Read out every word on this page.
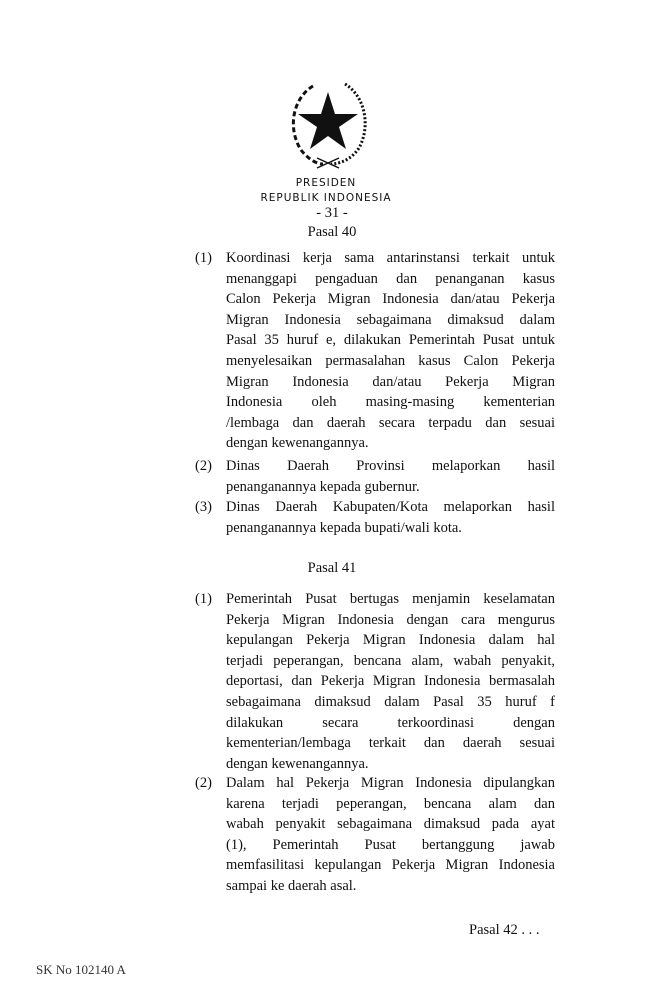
PRESIDEN
REPUBLIK INDONESIA
- 31 -
Pasal 40
Pasal 41
(1) Koordinasi kerja sama antarinstansi terkait untuk
menanggapi pengaduan dan penanganan kasus
Calon Pekerja Migran Indonesia dan/atau Pekerja
Migran Indonesia sebagaimana dimaksud dalam
Pasal 35 huruf e, dilakukan Pemerintah Pusat untuk
menyelesaikan permasalahan kasus Calon Pekerja
Migran Indonesia dan/atau Pekerja Migran
Indonesia oleh masing-masing kementerian
/lembaga dan daerah secara terpadu dan sesuai
dengan kewenangannya.
(2) Dinas Daerah Provinsi melaporkan hasil
penanganannya kepada gubernur.
(3) Dinas Daerah Kabupaten/Kota melaporkan hasil
penanganannya kepada bupati/wali kota.
(1) Pemerintah Pusat bertugas menjamin keselamatan
Pekerja Migran Indonesia dengan cara mengurus
kepulangan Pekerja Migran Indonesia dalam hal
terjadi peperangan, bencana alam, wabah penyakit,
deportasi, dan Pekerja Migran Indonesia bermasalah
sebagaimana dimaksud dalam Pasal 35 huruf f
dilakukan secara terkoordinasi dengan
kementerian/lembaga terkait dan daerah sesuai
dengan kewenangannya.
(2) Dalam hal Pekerja Migran Indonesia dipulangkan
karena terjadi peperangan, bencana alam dan
wabah penyakit sebagaimana dimaksud pada ayat
(1), Pemerintah Pusat bertanggung jawab
memfasilitasi kepulangan Pekerja Migran Indonesia
sampai ke daerah asal.
Pasal 42 . . .
SK No 102140 A
